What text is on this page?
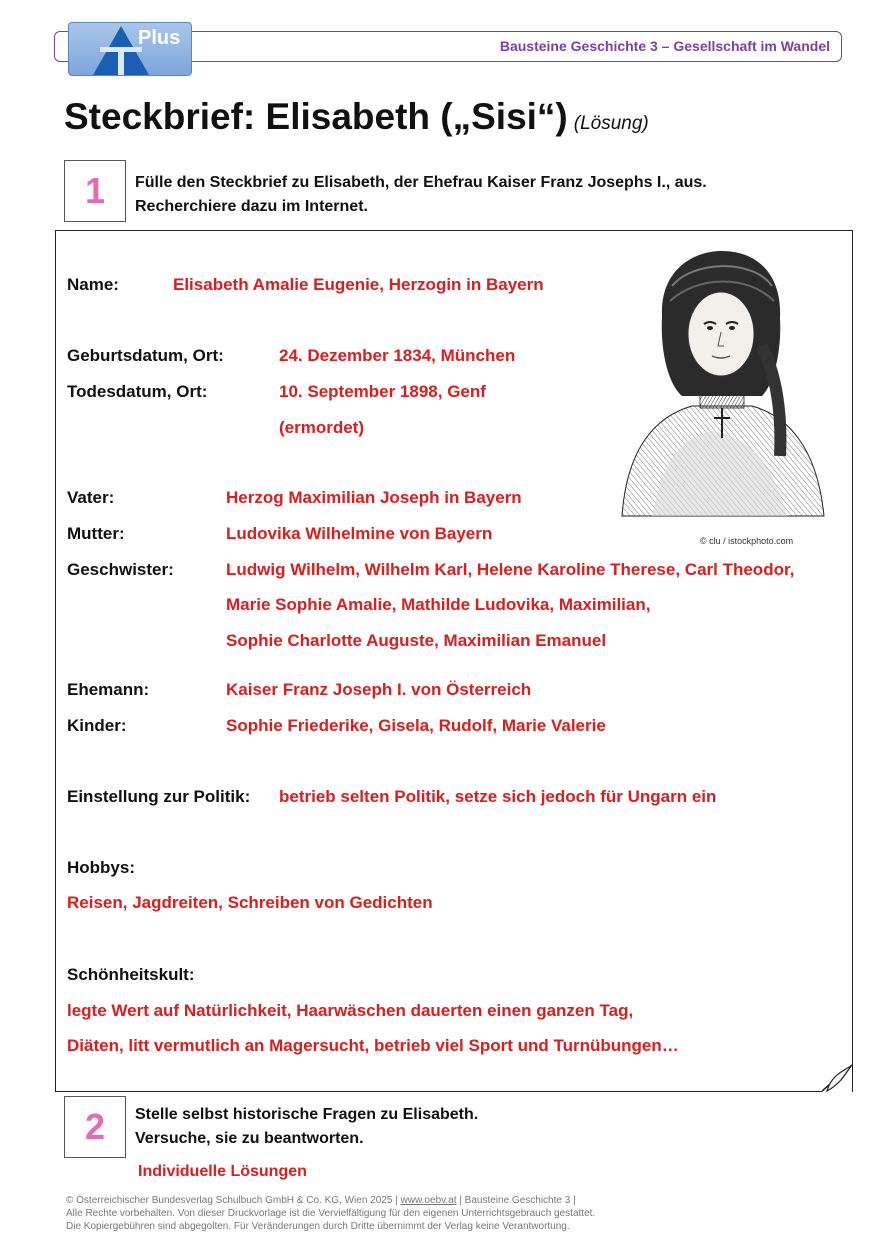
Bausteine Geschichte 3 – Gesellschaft im Wandel
Plus
Steckbrief: Elisabeth („Sisi“) (Lösung)
1	Fülle den Steckbrief zu Elisabeth, der Ehefrau Kaiser Franz Josephs I., aus.
Recherchiere dazu im Internet.
© clu / istockphoto.com
Name:	Elisabeth Amalie Eugenie, Herzogin in Bayern
Geburtsdatum, Ort:	24. Dezember 1834, München
Todesdatum, Ort:	10. September 1898, Genf
(ermordet)
Vater:	Herzog Maximilian Joseph in Bayern
Mutter:	Ludovika Wilhelmine von Bayern
Geschwister:	Ludwig Wilhelm, Wilhelm Karl, Helene Karoline Therese, Carl Theodor,
Marie Sophie Amalie, Mathilde Ludovika, Maximilian,
Sophie Charlotte Auguste, Maximilian Emanuel
Ehemann:	Kaiser Franz Joseph I. von Österreich
Kinder:	Sophie Friederike, Gisela, Rudolf, Marie Valerie
Einstellung zur Politik: betrieb selten Politik, setze sich jedoch für Ungarn ein
Hobbys:
Reisen, Jagdreiten, Schreiben von Gedichten
Schönheitskult:
legte Wert auf Natürlichkeit, Haarwäschen dauerten einen ganzen Tag,
Diäten, litt vermutlich an Magersucht, betrieb viel Sport und Turnübungen…
2	Stelle selbst historische Fragen zu Elisabeth.
Versuche, sie zu beantworten.
Individuelle Lösungen
© Österreichischer Bundesverlag Schulbuch GmbH & Co. KG, Wien 2025 | www.oebv.at | Bausteine Geschichte 3 |
Alle Rechte vorbehalten. Von dieser Druckvorlage ist die Vervielfältigung für den eigenen Unterrichtsgebrauch gestattet.
Die Kopiergebühren sind abgegolten. Für Veränderungen durch Dritte übernimmt der Verlag keine Verantwortung.
